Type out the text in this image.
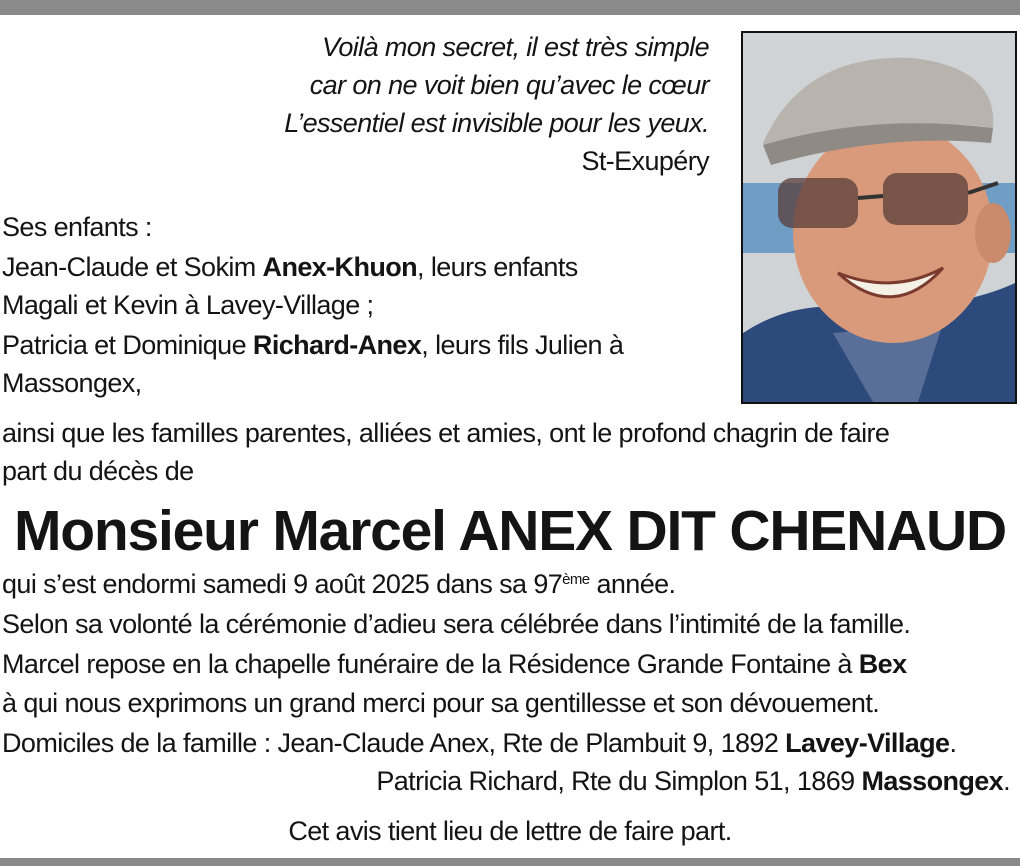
Voilà mon secret, il est très simple
car on ne voit bien qu’avec le cœur
L’essentiel est invisible pour les yeux.
St-Exupéry

Ses enfants :

Jean-Claude et Sokim Anex-Khuon, leurs enfants

Magali et Kevin à Lavey-Village ;

Patricia et Dominique Richard-Anex, leurs fils Julien à

Massongex,

ainsi que les familles parentes, alliées et amies, ont le profond chagrin de faire

part du décès de

Monsieur Marcel ANEX DIT CHENAUD

qui s’est endormi samedi 9 août 2025 dans sa 97ème année.

Selon sa volonté la cérémonie d’adieu sera célébrée dans l’intimité de la famille.

Marcel repose en la chapelle funéraire de la Résidence Grande Fontaine à Bex

à qui nous exprimons un grand merci pour sa gentillesse et son dévouement.

Domiciles de la famille : Jean-Claude Anex, Rte de Plambuit 9, 1892 Lavey-Village.

Patricia Richard, Rte du Simplon 51, 1869 Massongex.

Cet avis tient lieu de lettre de faire part.
